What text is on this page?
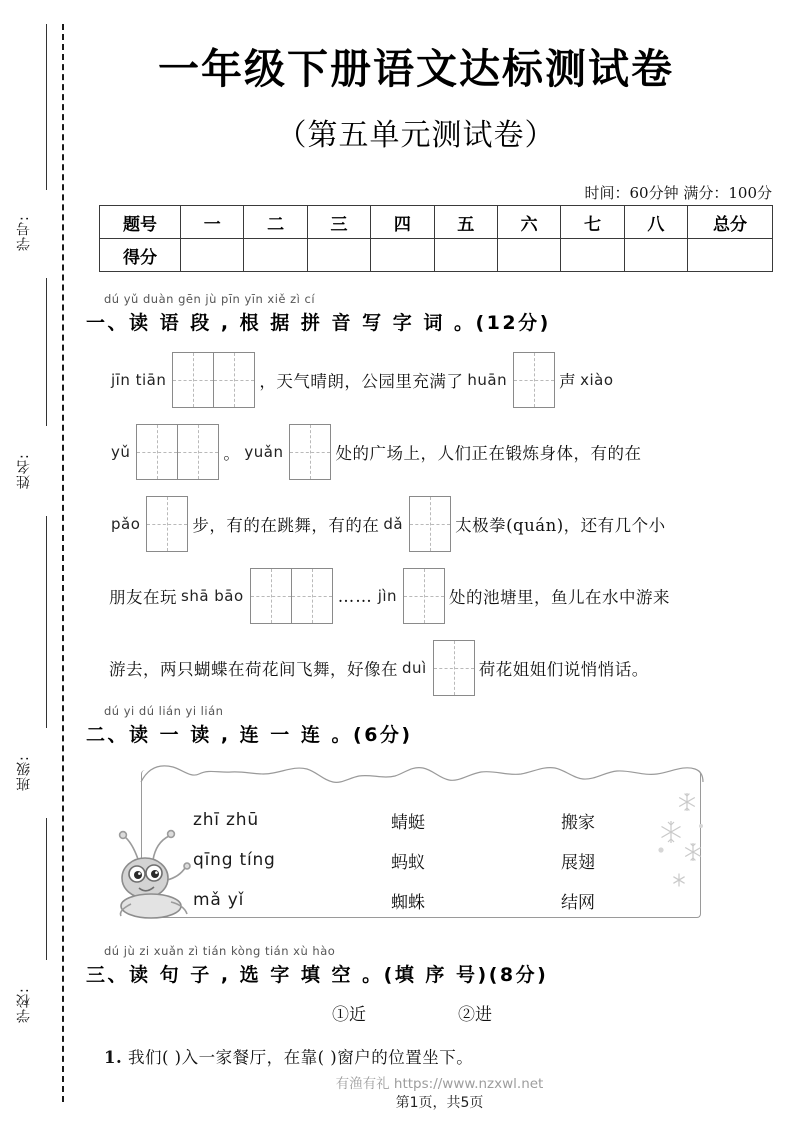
学号:
姓名:
班级:
学校:
一年级下册语文达标测试卷
（第五单元测试卷）
时间：60分钟 满分：100分
题号	一	二	三	四	五	六	七	八	总分
得分									
dú yǔ duàn gēn jù pīn yīn xiě zì cí
一、读 语 段 , 根 据 拼 音 写 字 词 。(12分)
jīn tiān	，天气晴朗，公园里充满了 huān	声 xiào
yǔ	。 yuǎn	处的广场上，人们正在锻炼身体，有的在
pǎo	步，有的在跳舞，有的在 dǎ	太极拳(quán)，还有几个小
朋友在玩 shā bāo	…… jìn	处的池塘里，鱼儿在水中游来
游去，两只蝴蝶在荷花间飞舞，好像在 duì	荷花姐姐们说悄悄话。
dú yi dú lián yi lián
二、读 一 读 , 连 一 连 。(6分)
zhī zhū	蜻蜓	搬家
qīng tíng	蚂蚁	展翅
mǎ yǐ	蜘蛛	结网
dú jù zi xuǎn zì tián kòng tián xù hào
三、读 句 子 , 选 字 填 空 。(填 序 号)(8分)
①近	②进
1. 我们( )入一家餐厅，在靠( )窗户的位置坐下。
有渔有礼 https://www.nzxwl.net
第1页，共5页
